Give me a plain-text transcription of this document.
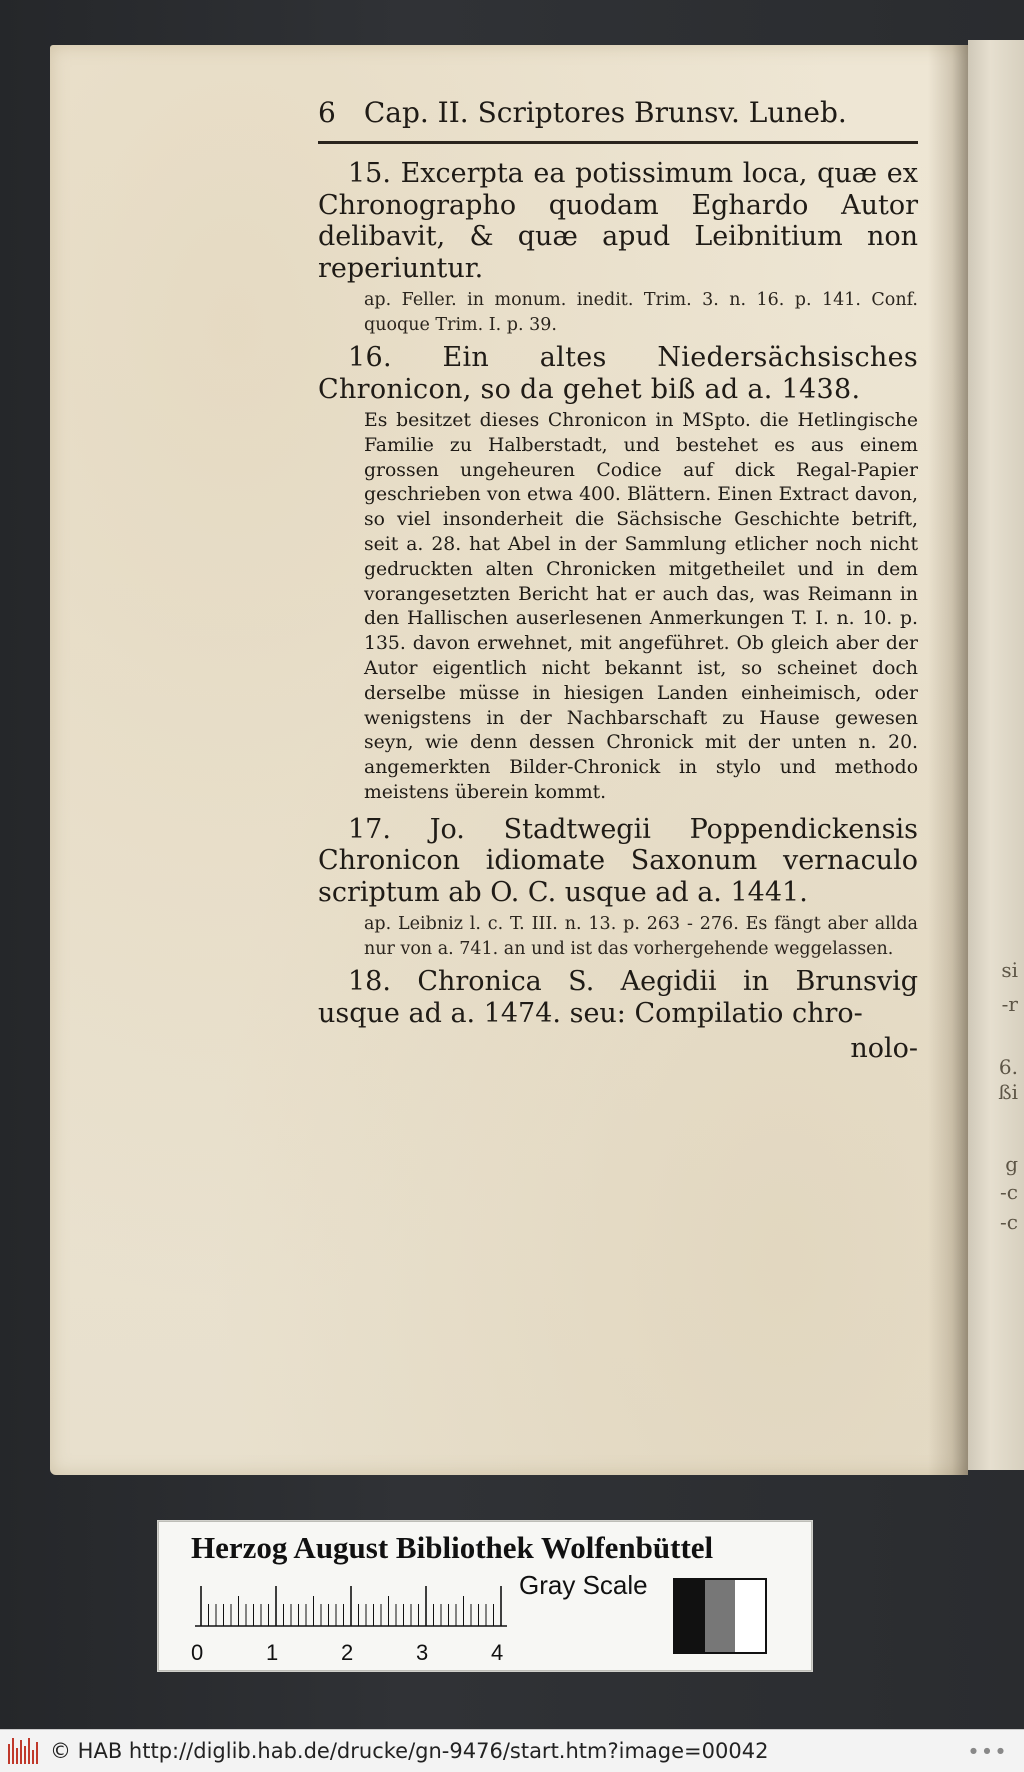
si
-r
6.
ßi
g
-c
-c
6 Cap. II. Scriptores Brunsv. Luneb.

15. Excerpta ea potissimum loca, quæ ex Chronographo quodam Eghardo Autor delibavit, & quæ apud Leibnitium non reperiuntur.

ap. Feller. in monum. inedit. Trim. 3. n. 16. p. 141. Conf. quoque Trim. I. p. 39.

16. Ein altes Niedersächsisches Chronicon, so da gehet biß ad a. 1438.

Es besitzet dieses Chronicon in MSpto. die Hetlingische Familie zu Halberstadt, und bestehet es aus einem grossen ungeheuren Codice auf dick Regal-Papier geschrieben von etwa 400. Blättern. Einen Extract davon, so viel insonderheit die Sächsische Geschichte betrift, seit a. 28. hat Abel in der Sammlung etlicher noch nicht gedruckten alten Chronicken mitgetheilet und in dem vorangesetzten Bericht hat er auch das, was Reimann in den Hallischen auserlesenen Anmerkungen T. I. n. 10. p. 135. davon erwehnet, mit angeführet. Ob gleich aber der Autor eigentlich nicht bekannt ist, so scheinet doch derselbe müsse in hiesigen Landen einheimisch, oder wenigstens in der Nachbarschaft zu Hause gewesen seyn, wie denn dessen Chronick mit der unten n. 20. angemerkten Bilder-Chronick in stylo und methodo meistens überein kommt.

17. Jo. Stadtwegii Poppendickensis Chronicon idiomate Saxonum vernaculo scriptum ab O. C. usque ad a. 1441.

ap. Leibniz l. c. T. III. n. 13. p. 263 - 276. Es fängt aber allda nur von a. 741. an und ist das vorhergehende weggelassen.

18. Chronica S. Aegidii in Brunsvig usque ad a. 1474. seu: Compilatio chro-

nolo-
Herzog August Bibliothek Wolfenbüttel
Gray Scale
0	1	2	3	4
© HAB http://diglib.hab.de/drucke/gn-9476/start.htm?image=00042	● ● ●
